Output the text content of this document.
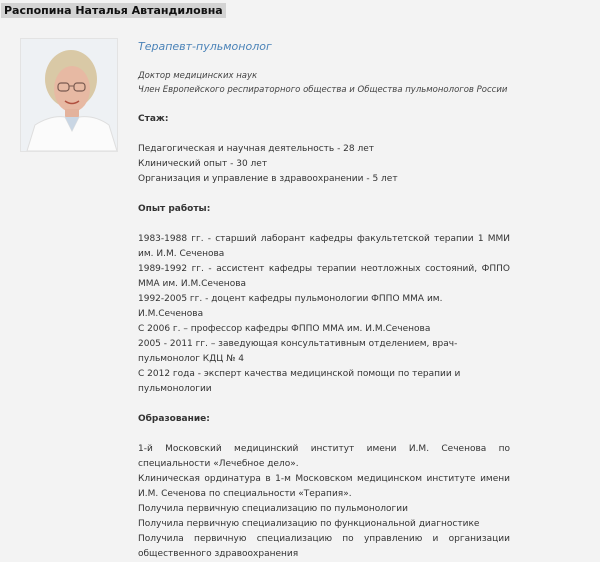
Распопина Наталья Автандиловна

Терапевт-пульмонолог

Доктор медицинских наук

Член Европейского респираторного общества и Общества пульмонологов России

Стаж:

Педагогическая и научная деятельность - 28 лет

Клинический опыт - 30 лет

Организация и управление в здравоохранении - 5 лет

Опыт работы:

1983-1988 гг. - старший лаборант кафедры факультетской терапии 1 ММИ им. И.М. Сеченова

1989-1992 гг. - ассистент кафедры терапии неотложных состояний, ФППО ММА им. И.М.Сеченова

1992-2005 гг. - доцент кафедры пульмонологии ФППО ММА им. И.М.Сеченова

С 2006 г. – профессор кафедры ФППО ММА им. И.М.Сеченова

2005 - 2011 гг. – заведующая консультативным отделением, врач-пульмонолог КДЦ № 4

С 2012 года - эксперт качества медицинской помощи по терапии и пульмонологии

Образование:

1-й Московский медицинский институт имени И.М. Сеченова по специальности «Лечебное дело».

Клиническая ординатура в 1-м Московском медицинском институте имени И.М. Сеченова по специальности «Терапия».

Получила первичную специализацию по пульмонологии

Получила первичную специализацию по функциональной диагностике

Получила первичную специализацию по управлению и организации общественного здравоохранения
